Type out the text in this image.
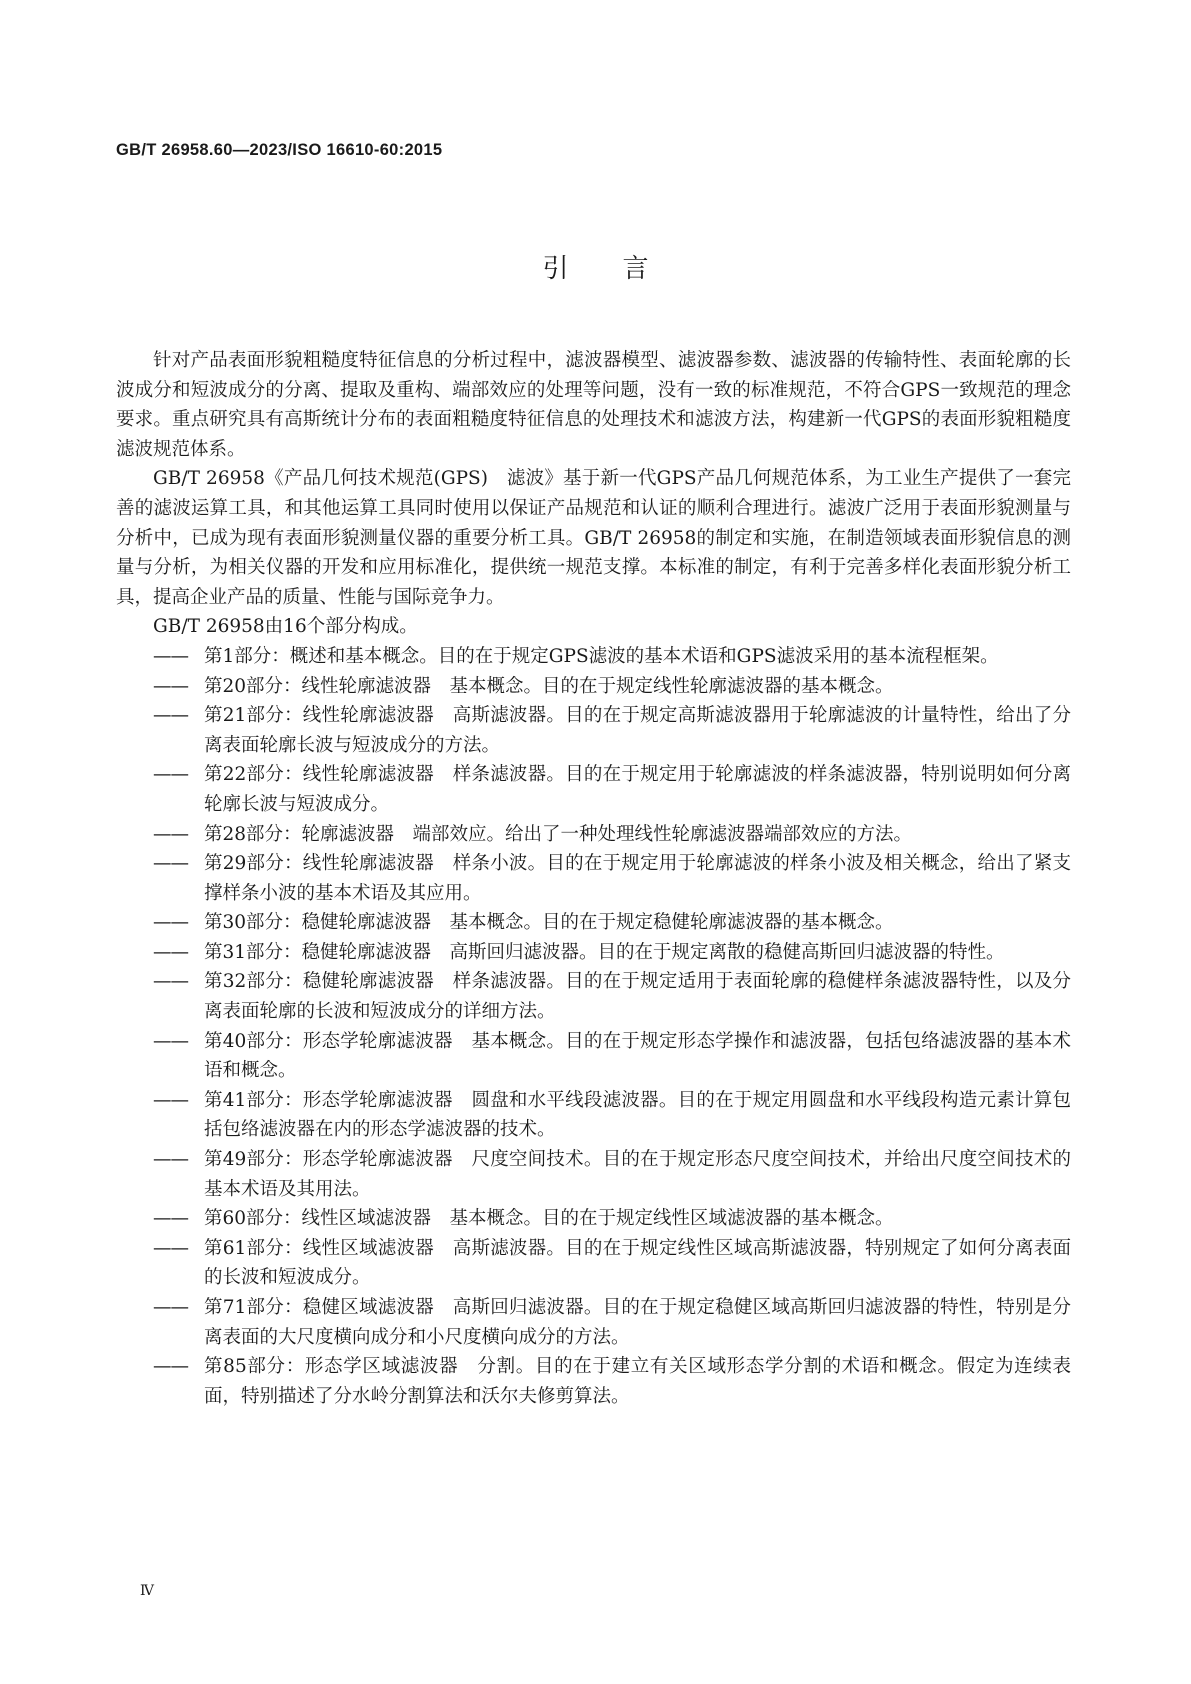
GB/T 26958.60—2023/ISO 16610-60:2015
引言

针对产品表面形貌粗糙度特征信息的分析过程中，滤波器模型、滤波器参数、滤波器的传输特性、表面轮廓的长波成分和短波成分的分离、提取及重构、端部效应的处理等问题，没有一致的标准规范，不符合GPS一致规范的理念要求。重点研究具有高斯统计分布的表面粗糙度特征信息的处理技术和滤波方法，构建新一代GPS的表面形貌粗糙度滤波规范体系。

GB/T 26958《产品几何技术规范(GPS)　滤波》基于新一代GPS产品几何规范体系，为工业生产提供了一套完善的滤波运算工具，和其他运算工具同时使用以保证产品规范和认证的顺利合理进行。滤波广泛用于表面形貌测量与分析中，已成为现有表面形貌测量仪器的重要分析工具。GB/T 26958的制定和实施，在制造领域表面形貌信息的测量与分析，为相关仪器的开发和应用标准化，提供统一规范支撑。本标准的制定，有利于完善多样化表面形貌分析工具，提高企业产品的质量、性能与国际竞争力。

GB/T 26958由16个部分构成。

—— 第1部分：概述和基本概念。目的在于规定GPS滤波的基本术语和GPS滤波采用的基本流程框架。
—— 第20部分：线性轮廓滤波器　基本概念。目的在于规定线性轮廓滤波器的基本概念。
—— 第21部分：线性轮廓滤波器　高斯滤波器。目的在于规定高斯滤波器用于轮廓滤波的计量特性，给出了分离表面轮廓长波与短波成分的方法。
—— 第22部分：线性轮廓滤波器　样条滤波器。目的在于规定用于轮廓滤波的样条滤波器，特别说明如何分离轮廓长波与短波成分。
—— 第28部分：轮廓滤波器　端部效应。给出了一种处理线性轮廓滤波器端部效应的方法。
—— 第29部分：线性轮廓滤波器　样条小波。目的在于规定用于轮廓滤波的样条小波及相关概念，给出了紧支撑样条小波的基本术语及其应用。
—— 第30部分：稳健轮廓滤波器　基本概念。目的在于规定稳健轮廓滤波器的基本概念。
—— 第31部分：稳健轮廓滤波器　高斯回归滤波器。目的在于规定离散的稳健高斯回归滤波器的特性。
—— 第32部分：稳健轮廓滤波器　样条滤波器。目的在于规定适用于表面轮廓的稳健样条滤波器特性，以及分离表面轮廓的长波和短波成分的详细方法。
—— 第40部分：形态学轮廓滤波器　基本概念。目的在于规定形态学操作和滤波器，包括包络滤波器的基本术语和概念。
—— 第41部分：形态学轮廓滤波器　圆盘和水平线段滤波器。目的在于规定用圆盘和水平线段构造元素计算包括包络滤波器在内的形态学滤波器的技术。
—— 第49部分：形态学轮廓滤波器　尺度空间技术。目的在于规定形态尺度空间技术，并给出尺度空间技术的基本术语及其用法。
—— 第60部分：线性区域滤波器　基本概念。目的在于规定线性区域滤波器的基本概念。
—— 第61部分：线性区域滤波器　高斯滤波器。目的在于规定线性区域高斯滤波器，特别规定了如何分离表面的长波和短波成分。
—— 第71部分：稳健区域滤波器　高斯回归滤波器。目的在于规定稳健区域高斯回归滤波器的特性，特别是分离表面的大尺度横向成分和小尺度横向成分的方法。
—— 第85部分：形态学区域滤波器　分割。目的在于建立有关区域形态学分割的术语和概念。假定为连续表面，特别描述了分水岭分割算法和沃尔夫修剪算法。
Ⅳ
